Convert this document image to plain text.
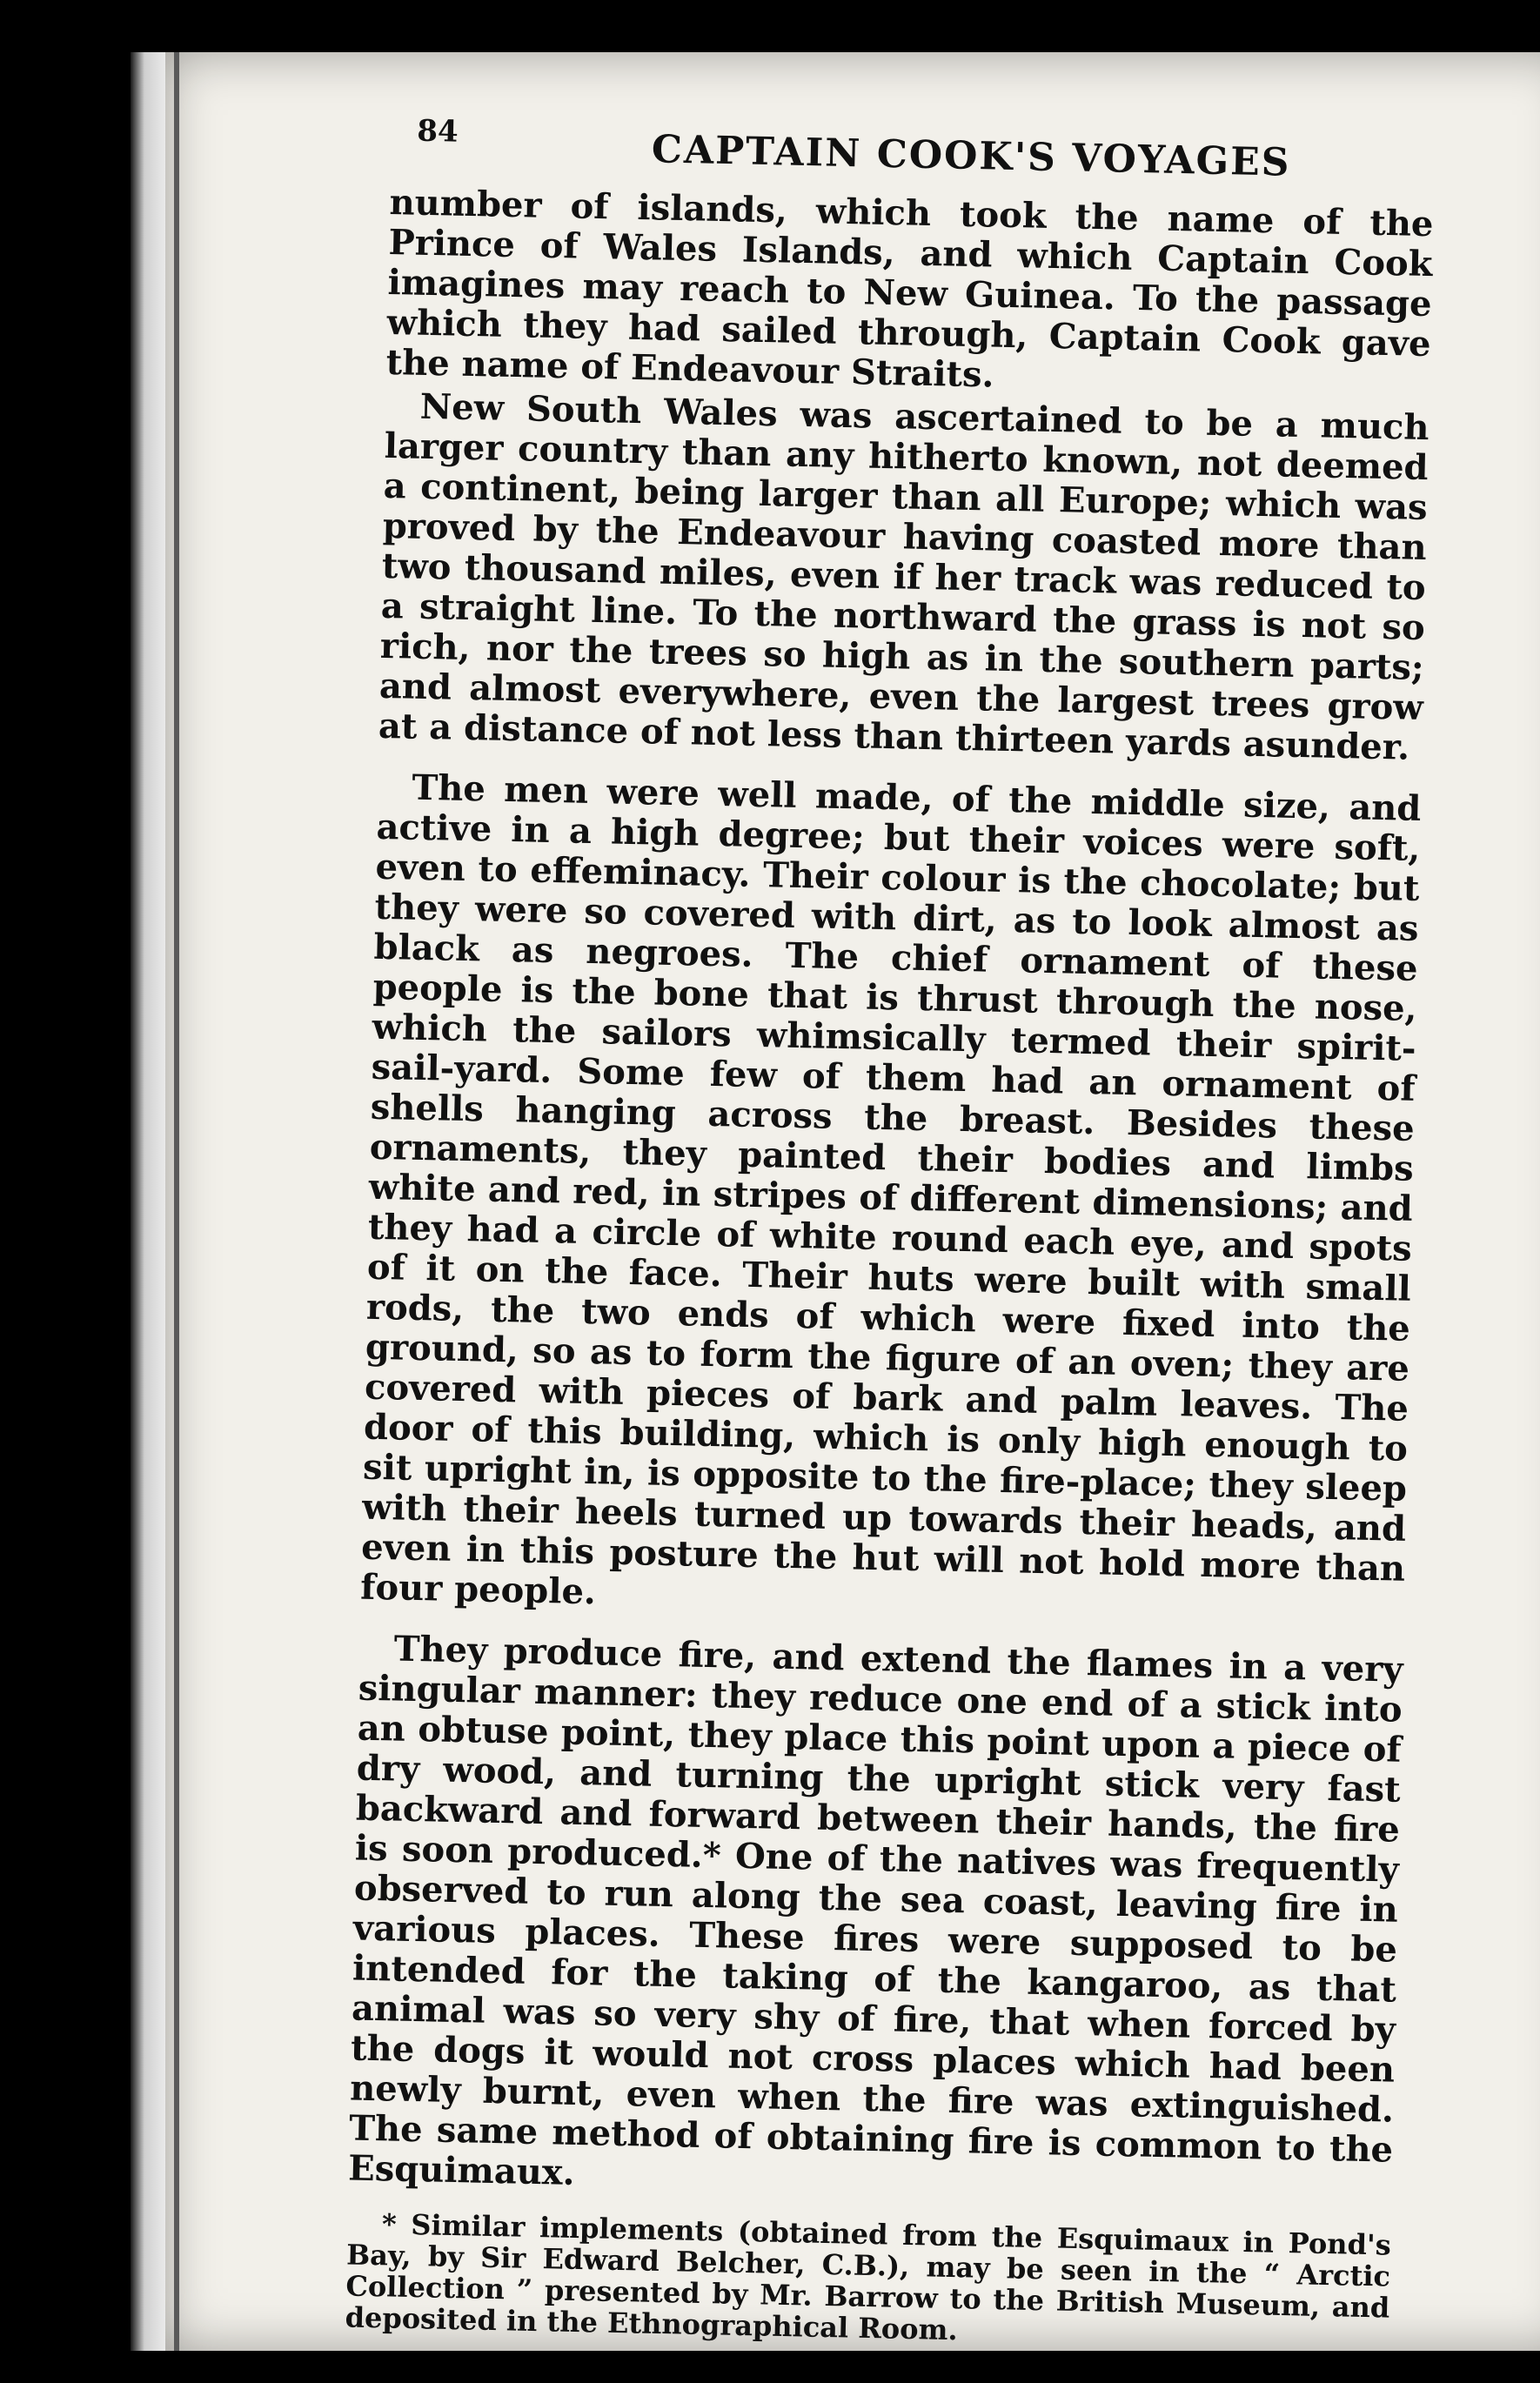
84	CAPTAIN COOK'S VOYAGES

number of islands, which took the name of the Prince of Wales Islands, and which Captain Cook imagines may reach to New Guinea. To the passage which they had sailed through, Captain Cook gave the name of Endeavour Straits.

New South Wales was ascertained to be a much larger country than any hitherto known, not deemed a continent, being larger than all Europe; which was proved by the Endeavour having coasted more than two thousand miles, even if her track was reduced to a straight line. To the northward the grass is not so rich, nor the trees so high as in the southern parts; and almost everywhere, even the largest trees grow at a distance of not less than thirteen yards asunder.

The men were well made, of the middle size, and active in a high degree; but their voices were soft, even to effeminacy. Their colour is the chocolate; but they were so covered with dirt, as to look almost as black as negroes. The chief ornament of these people is the bone that is thrust through the nose, which the sailors whimsically termed their spirit-sail-yard. Some few of them had an ornament of shells hanging across the breast. Besides these ornaments, they painted their bodies and limbs white and red, in stripes of different dimensions; and they had a circle of white round each eye, and spots of it on the face. Their huts were built with small rods, the two ends of which were fixed into the ground, so as to form the figure of an oven; they are covered with pieces of bark and palm leaves. The door of this building, which is only high enough to sit upright in, is opposite to the fire-place; they sleep with their heels turned up towards their heads, and even in this posture the hut will not hold more than four people.

They produce fire, and extend the flames in a very singular manner: they reduce one end of a stick into an obtuse point, they place this point upon a piece of dry wood, and turning the upright stick very fast backward and forward between their hands, the fire is soon produced.* One of the natives was frequently observed to run along the sea coast, leaving fire in various places. These fires were supposed to be intended for the taking of the kangaroo, as that animal was so very shy of fire, that when forced by the dogs it would not cross places which had been newly burnt, even when the fire was extinguished. The same method of obtaining fire is common to the Esquimaux.

* Similar implements (obtained from the Esquimaux in Pond's Bay, by Sir Edward Belcher, C.B.), may be seen in the “ Arctic Collection ” presented by Mr. Barrow to the British Museum, and deposited in the Ethnographical Room.
